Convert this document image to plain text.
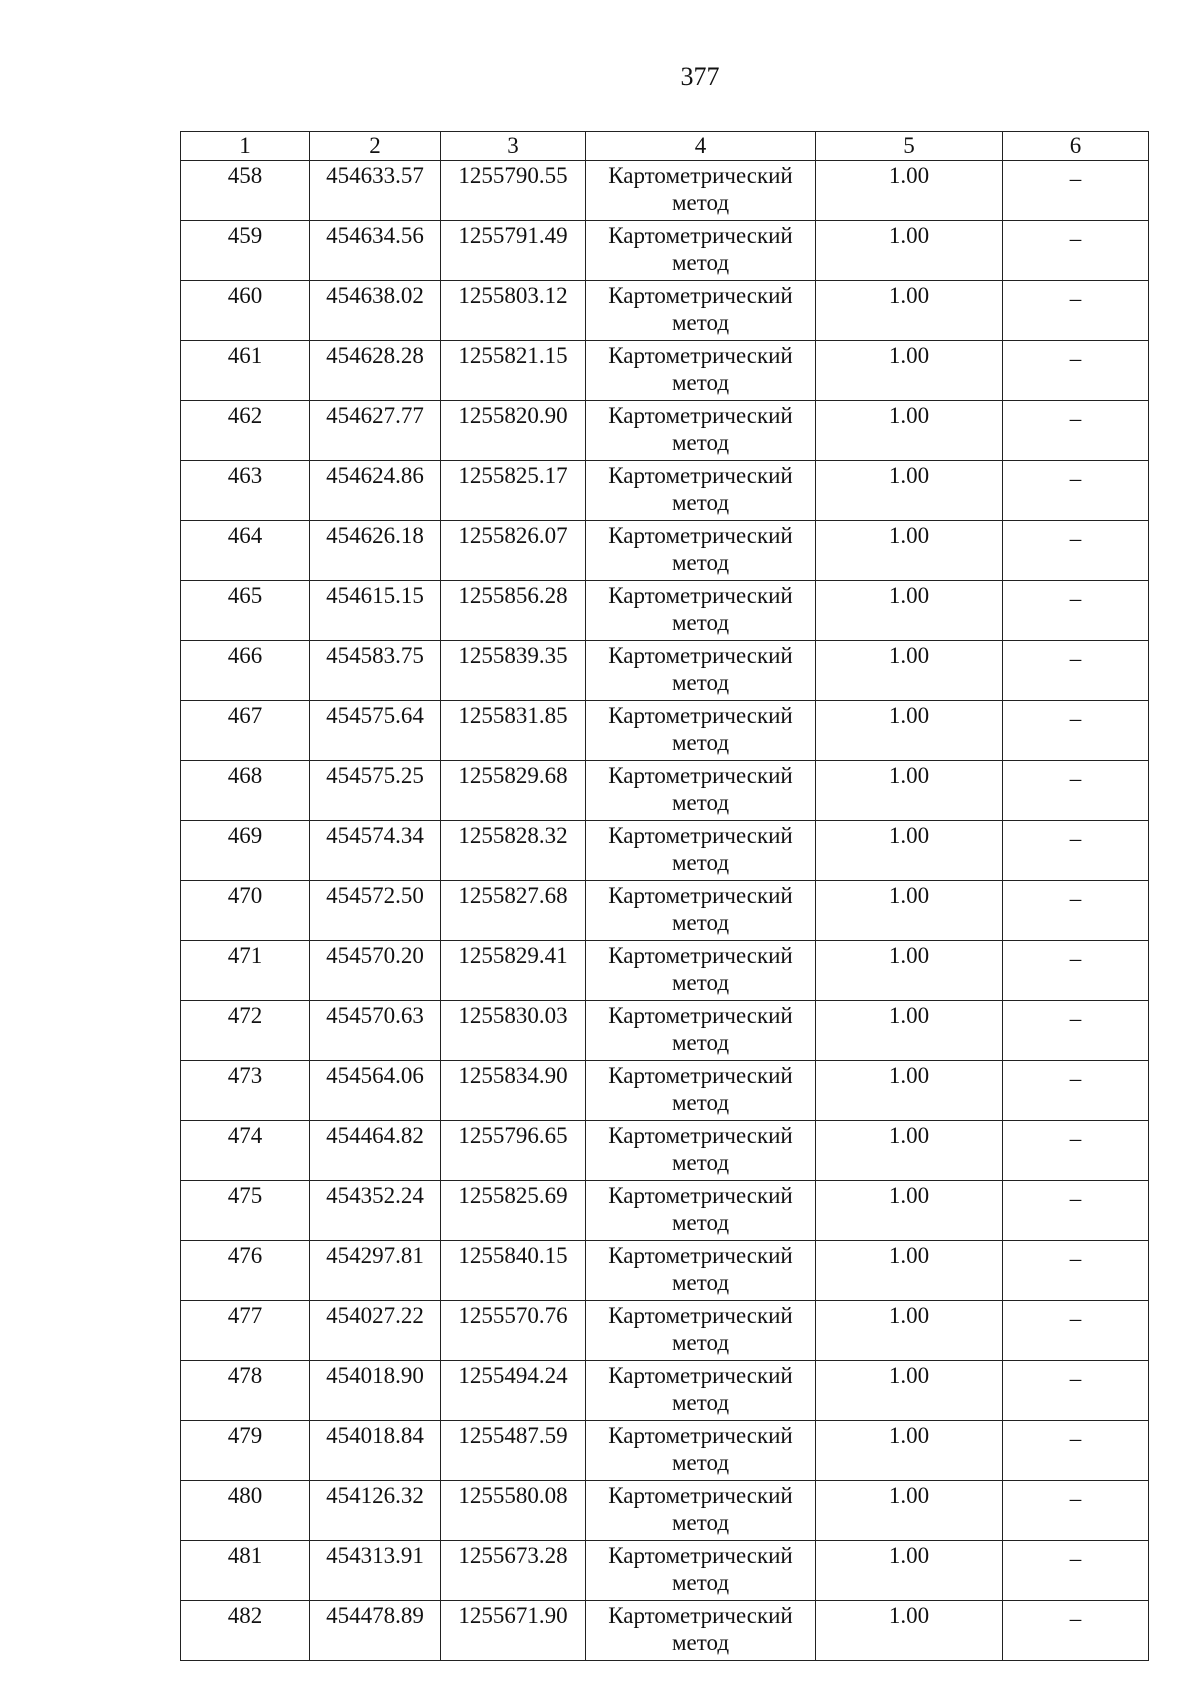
377
1	2	3	4	5	6
458	454633.57	1255790.55	Картометрический метод	1.00	–
459	454634.56	1255791.49	Картометрический метод	1.00	–
460	454638.02	1255803.12	Картометрический метод	1.00	–
461	454628.28	1255821.15	Картометрический метод	1.00	–
462	454627.77	1255820.90	Картометрический метод	1.00	–
463	454624.86	1255825.17	Картометрический метод	1.00	–
464	454626.18	1255826.07	Картометрический метод	1.00	–
465	454615.15	1255856.28	Картометрический метод	1.00	–
466	454583.75	1255839.35	Картометрический метод	1.00	–
467	454575.64	1255831.85	Картометрический метод	1.00	–
468	454575.25	1255829.68	Картометрический метод	1.00	–
469	454574.34	1255828.32	Картометрический метод	1.00	–
470	454572.50	1255827.68	Картометрический метод	1.00	–
471	454570.20	1255829.41	Картометрический метод	1.00	–
472	454570.63	1255830.03	Картометрический метод	1.00	–
473	454564.06	1255834.90	Картометрический метод	1.00	–
474	454464.82	1255796.65	Картометрический метод	1.00	–
475	454352.24	1255825.69	Картометрический метод	1.00	–
476	454297.81	1255840.15	Картометрический метод	1.00	–
477	454027.22	1255570.76	Картометрический метод	1.00	–
478	454018.90	1255494.24	Картометрический метод	1.00	–
479	454018.84	1255487.59	Картометрический метод	1.00	–
480	454126.32	1255580.08	Картометрический метод	1.00	–
481	454313.91	1255673.28	Картометрический метод	1.00	–
482	454478.89	1255671.90	Картометрический метод	1.00	–
